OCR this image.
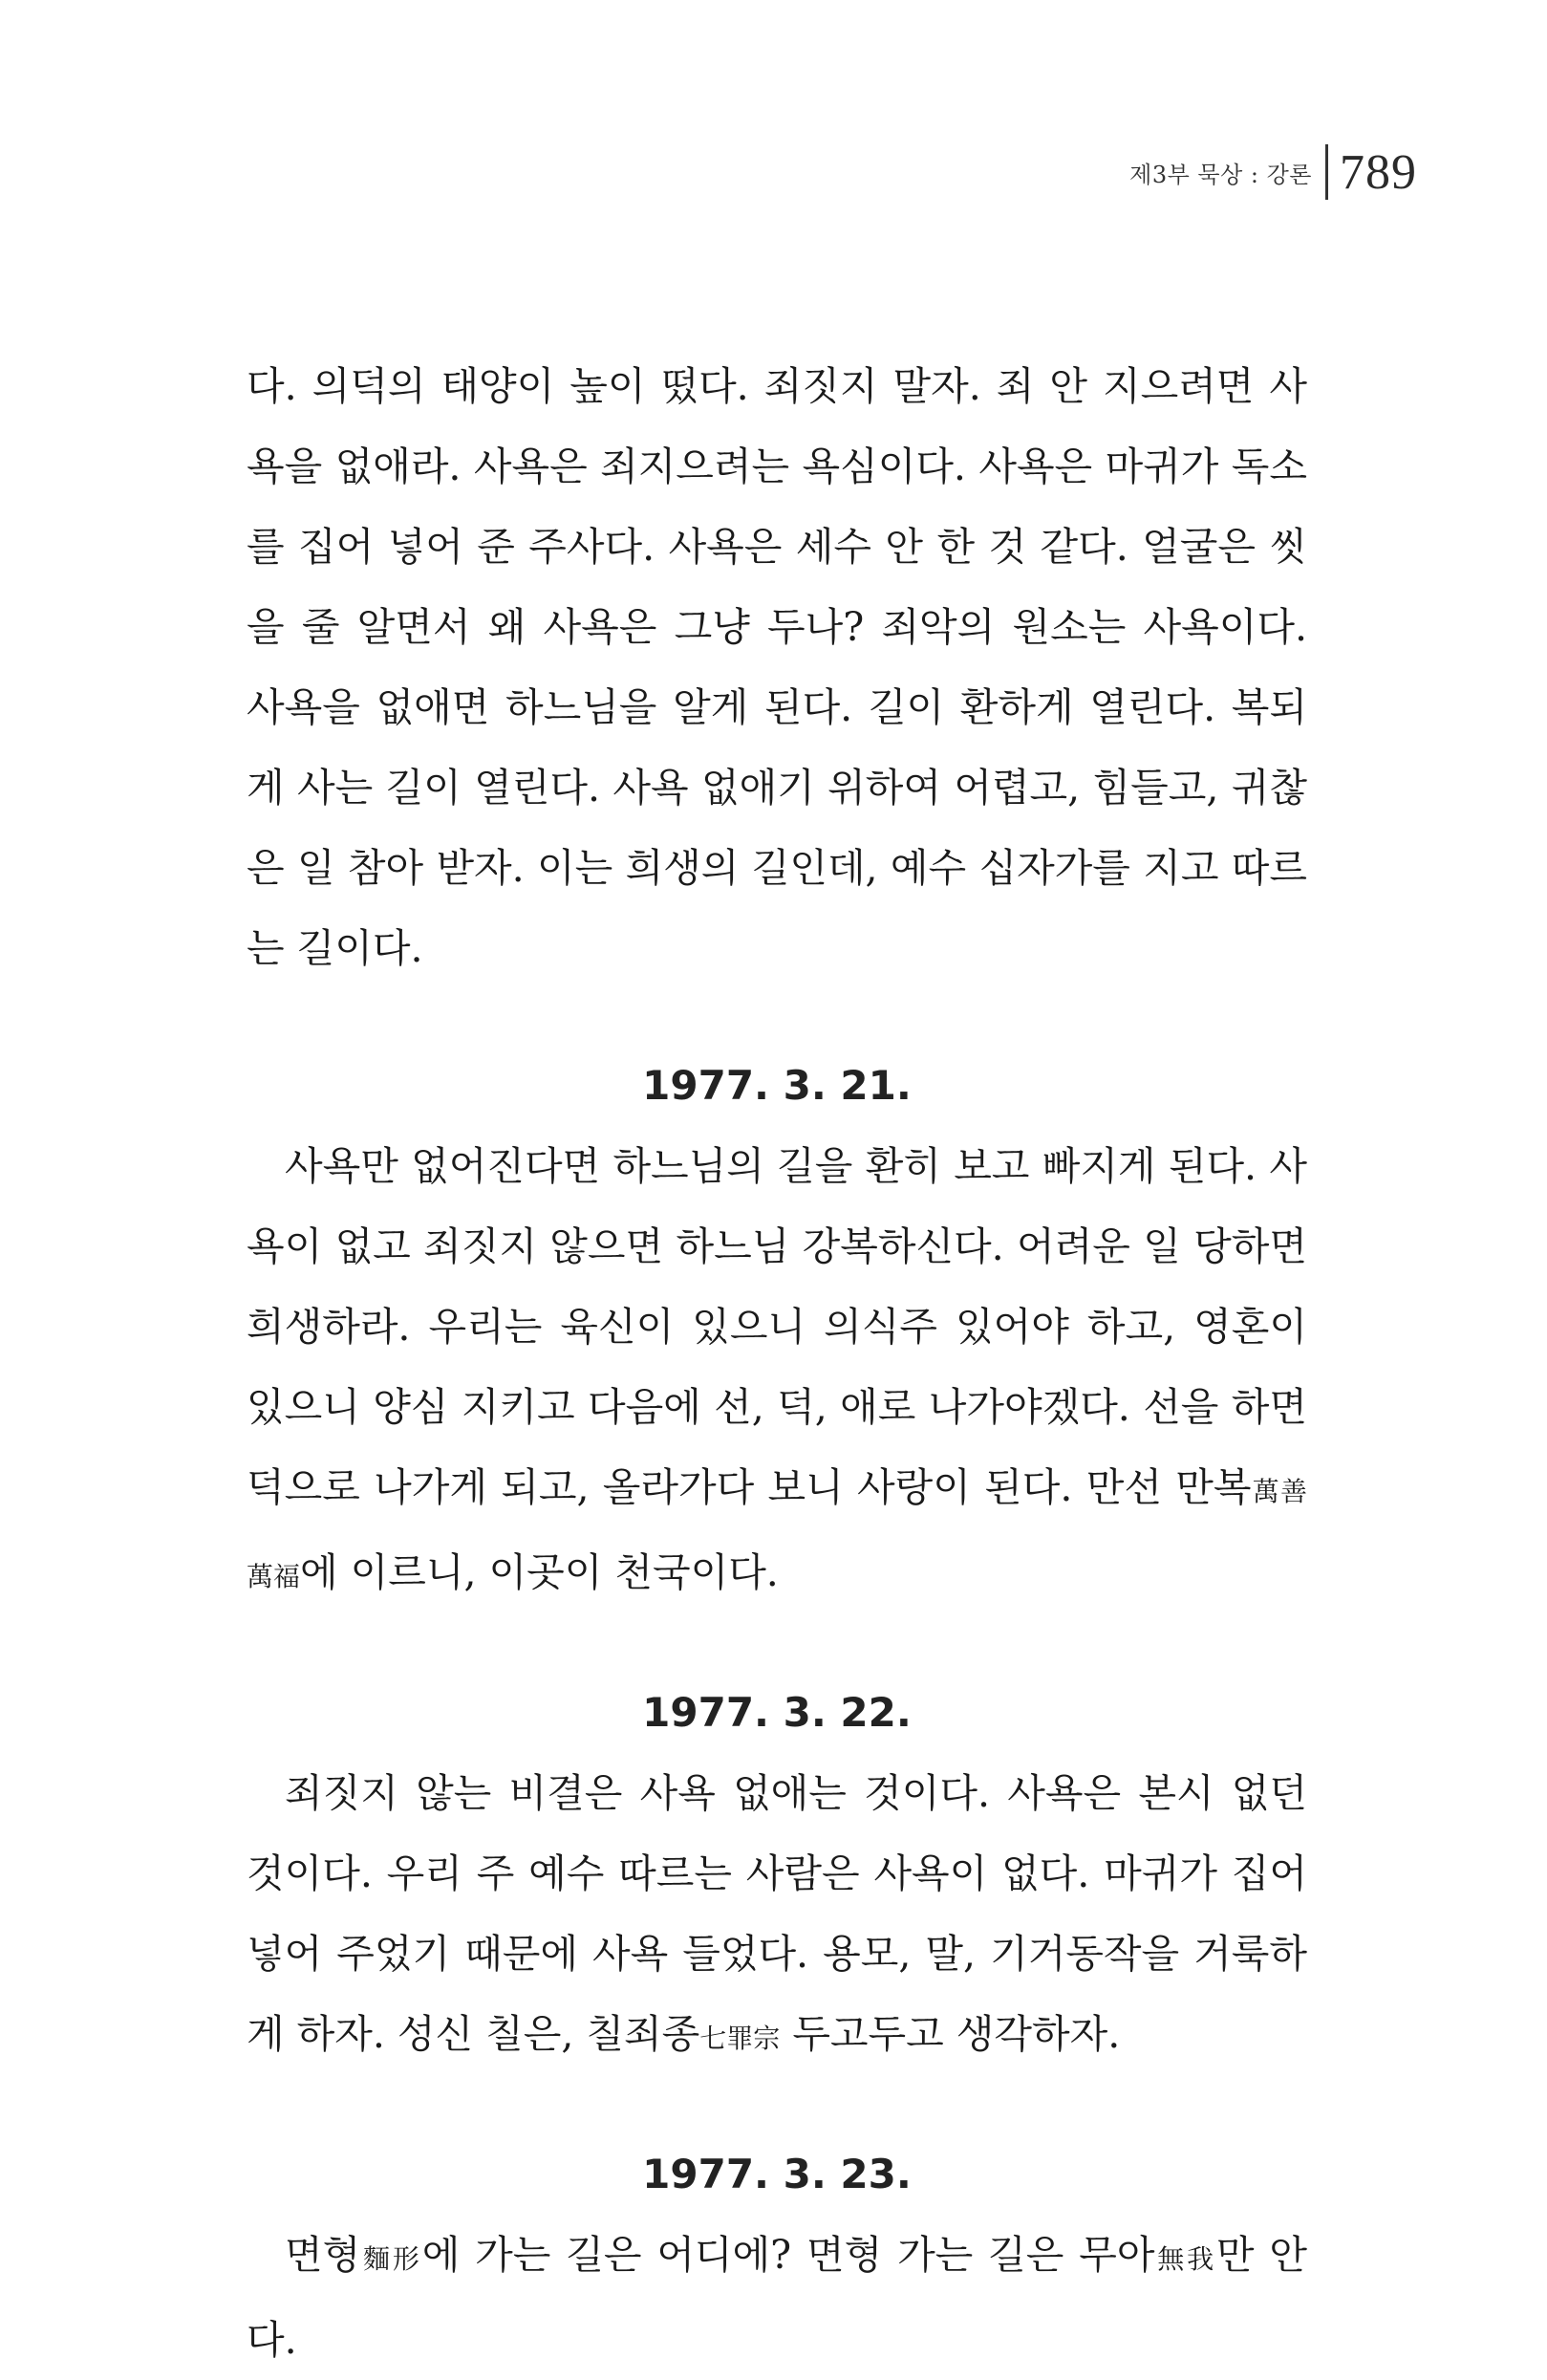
제3부 묵상 : 강론 789

다. 의덕의 태양이 높이 떴다. 죄짓지 말자. 죄 안 지으려면 사욕을 없애라. 사욕은 죄지으려는 욕심이다. 사욕은 마귀가 독소를 집어 넣어 준 주사다. 사욕은 세수 안 한 것 같다. 얼굴은 씻을 줄 알면서 왜 사욕은 그냥 두나? 죄악의 원소는 사욕이다. 사욕을 없애면 하느님을 알게 된다. 길이 환하게 열린다. 복되게 사는 길이 열린다. 사욕 없애기 위하여 어렵고, 힘들고, 귀찮은 일 참아 받자. 이는 희생의 길인데, 예수 십자가를 지고 따르는 길이다.

1977. 3. 21.

사욕만 없어진다면 하느님의 길을 환히 보고 빠지게 된다. 사욕이 없고 죄짓지 않으면 하느님 강복하신다. 어려운 일 당하면 희생하라. 우리는 육신이 있으니 의식주 있어야 하고, 영혼이 있으니 양심 지키고 다음에 선, 덕, 애로 나가야겠다. 선을 하면 덕으로 나가게 되고, 올라가다 보니 사랑이 된다. 만선 만복萬善萬福에 이르니, 이곳이 천국이다.

1977. 3. 22.

죄짓지 않는 비결은 사욕 없애는 것이다. 사욕은 본시 없던 것이다. 우리 주 예수 따르는 사람은 사욕이 없다. 마귀가 집어넣어 주었기 때문에 사욕 들었다. 용모, 말, 기거동작을 거룩하게 하자. 성신 칠은, 칠죄종七罪宗 두고두고 생각하자.

1977. 3. 23.

면형麵形에 가는 길은 어디에? 면형 가는 길은 무아無我만 안다.
